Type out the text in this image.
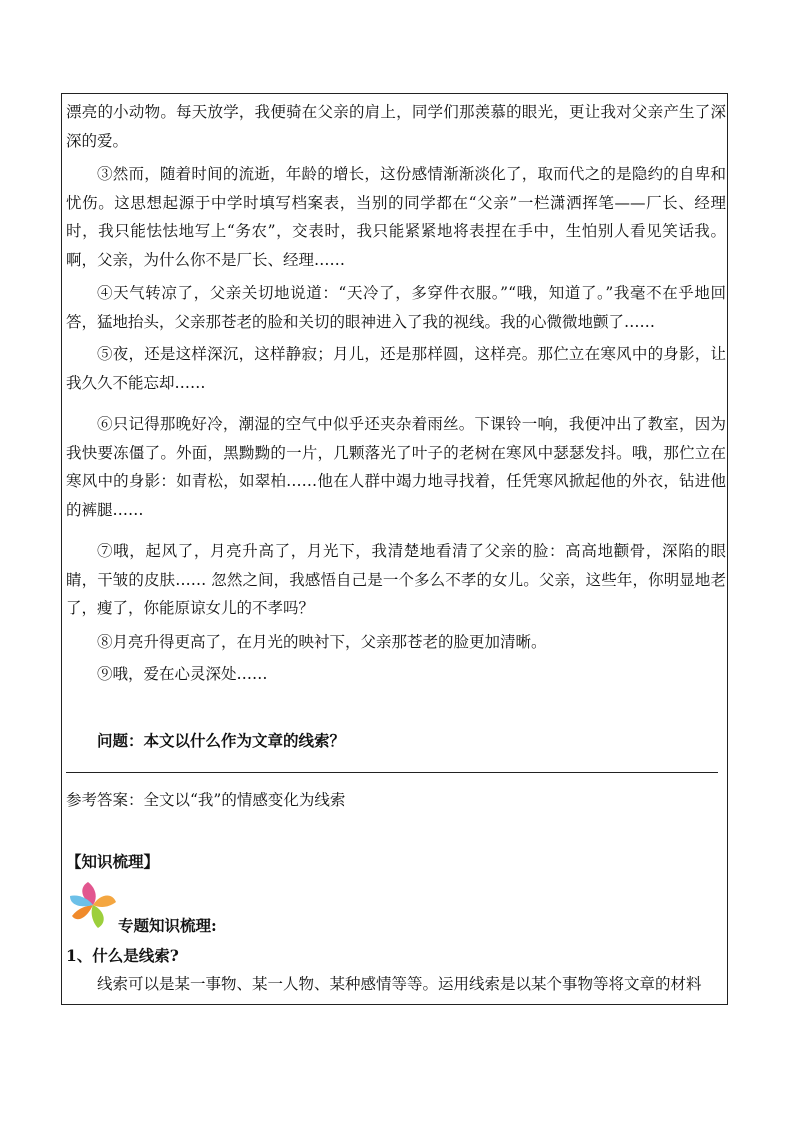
漂亮的小动物。每天放学，我便骑在父亲的肩上，同学们那羡慕的眼光，更让我对父亲产生了深深的爱。

③然而，随着时间的流逝，年龄的增长，这份感情渐渐淡化了，取而代之的是隐约的自卑和忧伤。这思想起源于中学时填写档案表，当别的同学都在“父亲”一栏潇洒挥笔——厂长、经理时，我只能怯怯地写上“务农”，交表时，我只能紧紧地将表捏在手中，生怕别人看见笑话我。啊，父亲，为什么你不是厂长、经理……

④天气转凉了，父亲关切地说道：“天冷了，多穿件衣服。”“哦，知道了。”我毫不在乎地回答，猛地抬头，父亲那苍老的脸和关切的眼神进入了我的视线。我的心微微地颤了……

⑤夜，还是这样深沉，这样静寂；月儿，还是那样圆，这样亮。那伫立在寒风中的身影，让我久久不能忘却……

⑥只记得那晚好冷，潮湿的空气中似乎还夹杂着雨丝。下课铃一响，我便冲出了教室，因为我快要冻僵了。外面，黑黝黝的一片，几颗落光了叶子的老树在寒风中瑟瑟发抖。哦，那伫立在寒风中的身影：如青松，如翠柏……他在人群中竭力地寻找着，任凭寒风掀起他的外衣，钻进他的裤腿……

⑦哦，起风了，月亮升高了，月光下，我清楚地看清了父亲的脸：高高地颧骨，深陷的眼睛，干皱的皮肤…… 忽然之间，我感悟自己是一个多么不孝的女儿。父亲，这些年，你明显地老了，瘦了，你能原谅女儿的不孝吗？

⑧月亮升得更高了，在月光的映衬下，父亲那苍老的脸更加清晰。

⑨哦，爱在心灵深处……

问题：本文以什么作为文章的线索？

参考答案：全文以“我”的情感变化为线索

【知识梳理】

专题知识梳理:

1、什么是线索?

线索可以是某一事物、某一人物、某种感情等等。运用线索是以某个事物等将文章的材料
